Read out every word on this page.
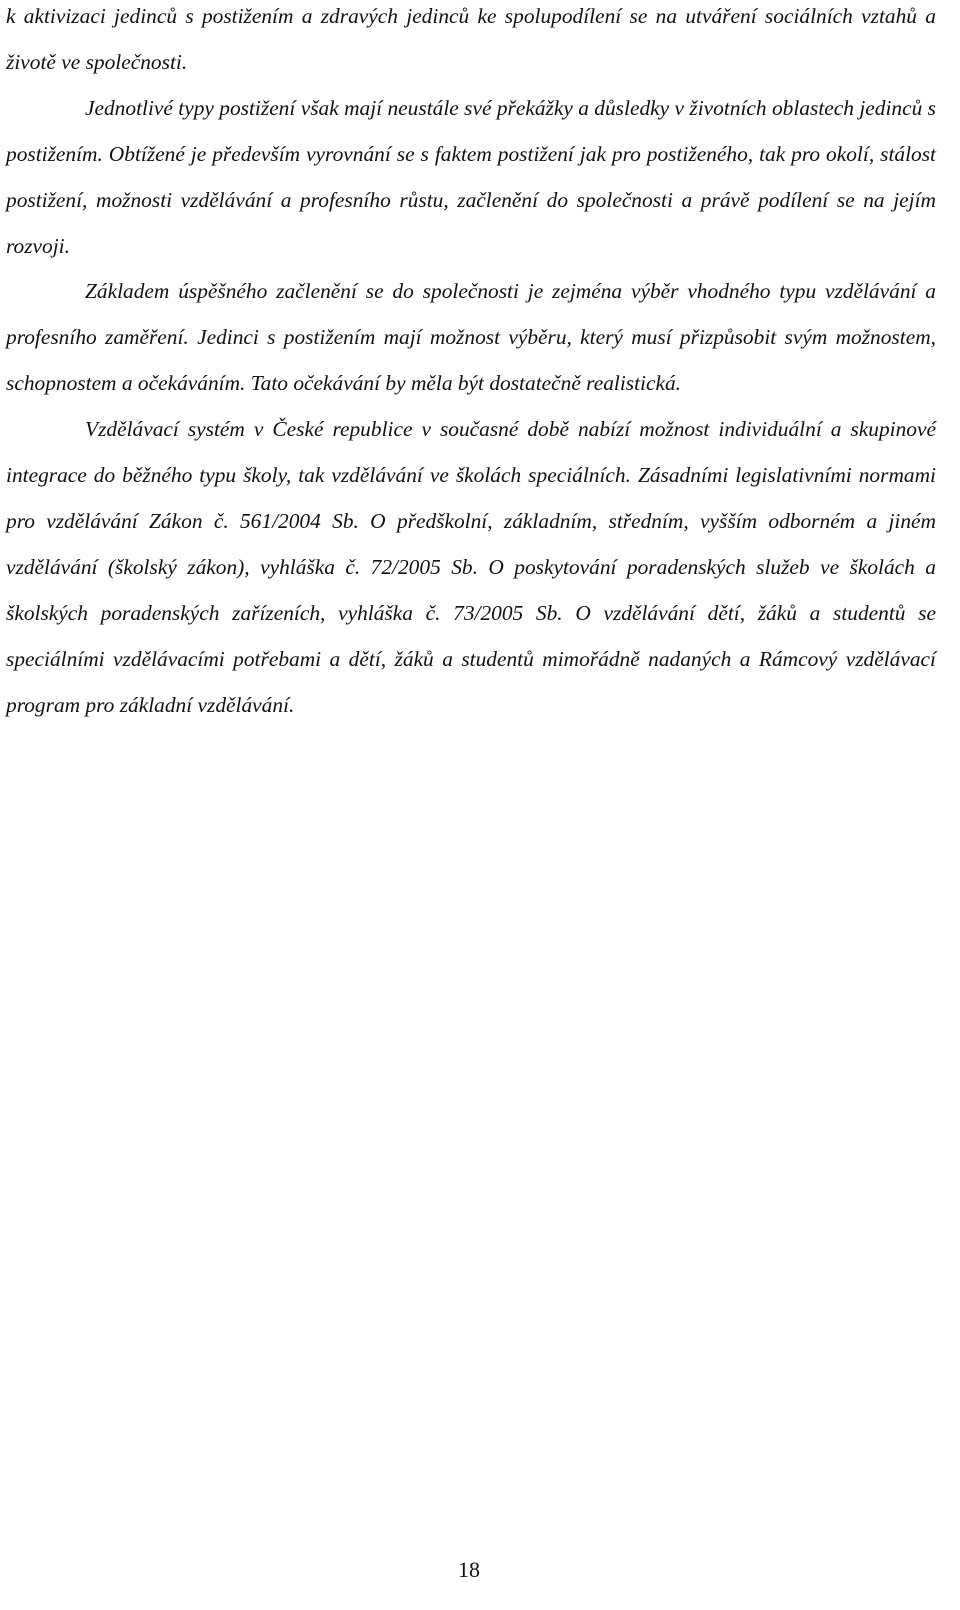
k aktivizaci jedinců s postižením a zdravých jedinců ke spolupodílení se na utváření sociálních vztahů a životě ve společnosti.

Jednotlivé typy postižení však mají neustále své překážky a důsledky v životních oblastech jedinců s postižením. Obtížené je především vyrovnání se s faktem postižení jak pro postiženého, tak pro okolí, stálost postižení, možnosti vzdělávání a profesního růstu, začlenění do společnosti a právě podílení se na jejím rozvoji.

Základem úspěšného začlenění se do společnosti je zejména výběr vhodného typu vzdělávání a profesního zaměření. Jedinci s postižením mají možnost výběru, který musí přizpůsobit svým možnostem, schopnostem a očekáváním. Tato očekávání by měla být dostatečně realistická.

Vzdělávací systém v České republice v současné době nabízí možnost individuální a skupinové integrace do běžného typu školy, tak vzdělávání ve školách speciálních. Zásadními legislativními normami pro vzdělávání Zákon č. 561/2004 Sb. O předškolní, základním, středním, vyšším odborném a jiném vzdělávání (školský zákon), vyhláška č. 72/2005 Sb. O poskytování poradenských služeb ve školách a školských poradenských zařízeních, vyhláška č. 73/2005 Sb. O vzdělávání dětí, žáků a studentů se speciálními vzdělávacími potřebami a dětí, žáků a studentů mimořádně nadaných a Rámcový vzdělávací program pro základní vzdělávání.

18
